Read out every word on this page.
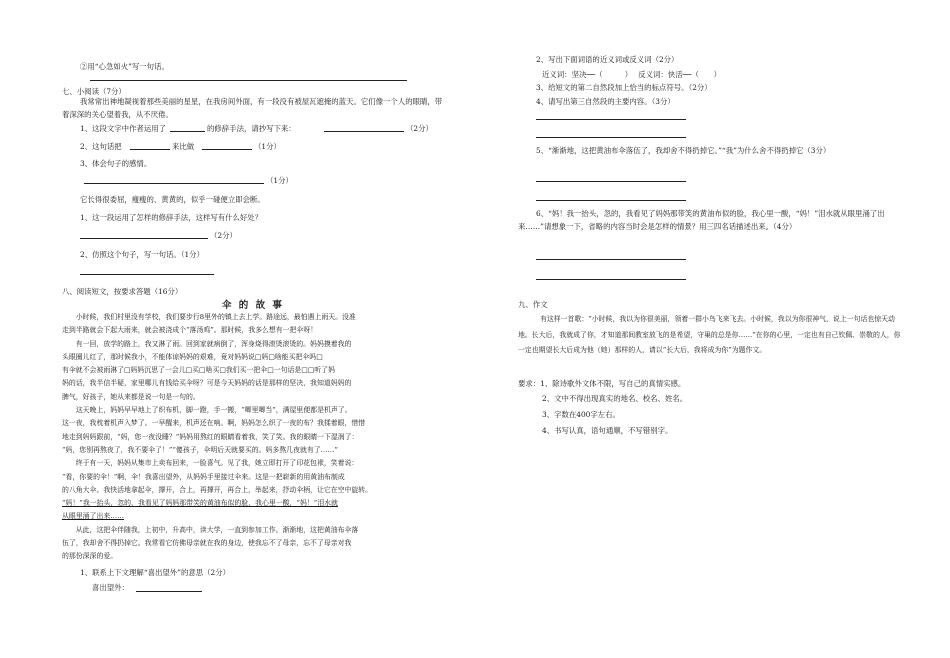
②用“心急如火”写一句话。
七、小阅读（7分）
我常常出神地凝视着那些美丽的星星，在我房间外面，有一段没有被屋瓦遮掩的蓝天。它们像一个人的眼睛，带着深深的关心望着我，从不厌倦。
1、这段文字中作者运用了	的修辞手法，请抄写下来：	（2分）
2、这句话把	来比做	（1分）
3、体会句子的感情。
（1分）
它长得很委屈，瘦瘦的、黄黄的，似乎一碰便立即会断。
1、这一段运用了怎样的修辞手法，这样写有什么好处？
（2分）
2、仿照这个句子，写一句话。（1分）
八、阅读短文，按要求答题（16分）
伞 的 故 事
　　小时候，我们村里没有学校，我们要步行8里外的镇上去上学。路途远，最怕遇上雨天。没准
走到半路就会下起大雨来，就会被浇成个“落汤鸡”。那时候，我多么想有一把伞呀！
　　有一回，放学的路上，我又淋了雨。回到家就病倒了，浑身烧得滚烫滚烫的。妈妈摸着我的
头眼圈儿红了，那时候我小，不能体谅妈妈的艰难，竟对妈妈说□妈□啥能买把伞吗□
有伞就不会被雨淋了□妈妈沉思了一会儿□买□啥买□我们买一把伞□一句话是□□听了妈
妈的话，我半信半疑，家里哪儿有钱给买伞呀？可是今天妈妈的话是那样的坚决，我知道妈妈的
脾气，好孩子，她从来都是说一句是一句的。
　　这天晚上，妈妈早早地上了织布机，脚一蹬，手一搬，“唧里唧当”，满屋里便都是机声了。
这一夜，我枕着机声入梦了。一早醒来，机声还在响。啊，妈妈怎么织了一夜的布？我揉着眼，惜惜
地走到妈妈跟前，“妈，您一夜没睡？”妈妈用熬红的眼睛看着我，笑了笑。我的眼睛一下湿润了：
“妈，您别再熬夜了，我不要伞了！”“傻孩子，伞明后天就要买的。妈多熬几夜就有了……”
　　终于有一天，妈妈从集市上卖布回来，一脸喜气。见了我，她立即打开了印花包袱，笑着说：
“看，你要的伞！”啊，伞！我喜出望外，从妈妈手里接过伞来。这是一把崭新的用黄油布制成
的八角大伞。我快活地拿起伞，撑开，合上，再撑开，再合上，举起来，抒动伞柄，让它在空中旋转。
“妈！”我一抬头，忽的，我看见了妈妈那带笑的黄油布似的脸，我心里一酸，“妈！”泪水就
从眼里涌了出来……
　　从此，这把伞伴随我，上初中，升高中，读大学，一直到参加工作。渐渐地，这把黄油布伞落
伍了，我却舍不得扔掉它。我常看它仿佛母亲就在我的身边，使我忘不了母亲，忘不了母亲对我
的那份深深的爱。
1、联系上下文理解“喜出望外”的意思（2分）
喜出望外：
2、写出下面词语的近义词或反义词（2分）
近义词：坚决──（　　　）　 反义词：快活──（　　）
3、给短文的第二自然段加上恰当的标点符号。（2分）
4、请写出第三自然段的主要内容。（3分）
5、“渐渐地，这把黄油布伞落伍了，我却舍不得扔掉它。”“我”为什么舍不得扔掉它（3分）
6、“妈！我一抬头，忽的，我看见了妈妈那带笑的黄油布似的脸，我心里一酸，“妈！”泪水就从眼里涌了出来……”请想象一下，省略的内容当时会是怎样的情景？用三四名话描述出来。（4分）
九、作文
有这样一首歌：“小时候，我以为你很美丽，领着一群小鸟飞来飞去。小时候，我以为你很神气，说上一句话也惊天动地。长大后，我就成了你，才知道那间教室放飞的是希望，守巢的总是你……”在你的心里，一定也有自己钦佩、崇敬的人，你一定也期望长大后成为他（她）那样的人，请以“长大后，我将成为你”为题作文。
要求：1、除诗歌外文体不限，写自己的真情实感。
2、文中不得出现真实的地名、校名、姓名。
3、字数在400字左右。
4、书写认真，语句通顺，不写错别字。
